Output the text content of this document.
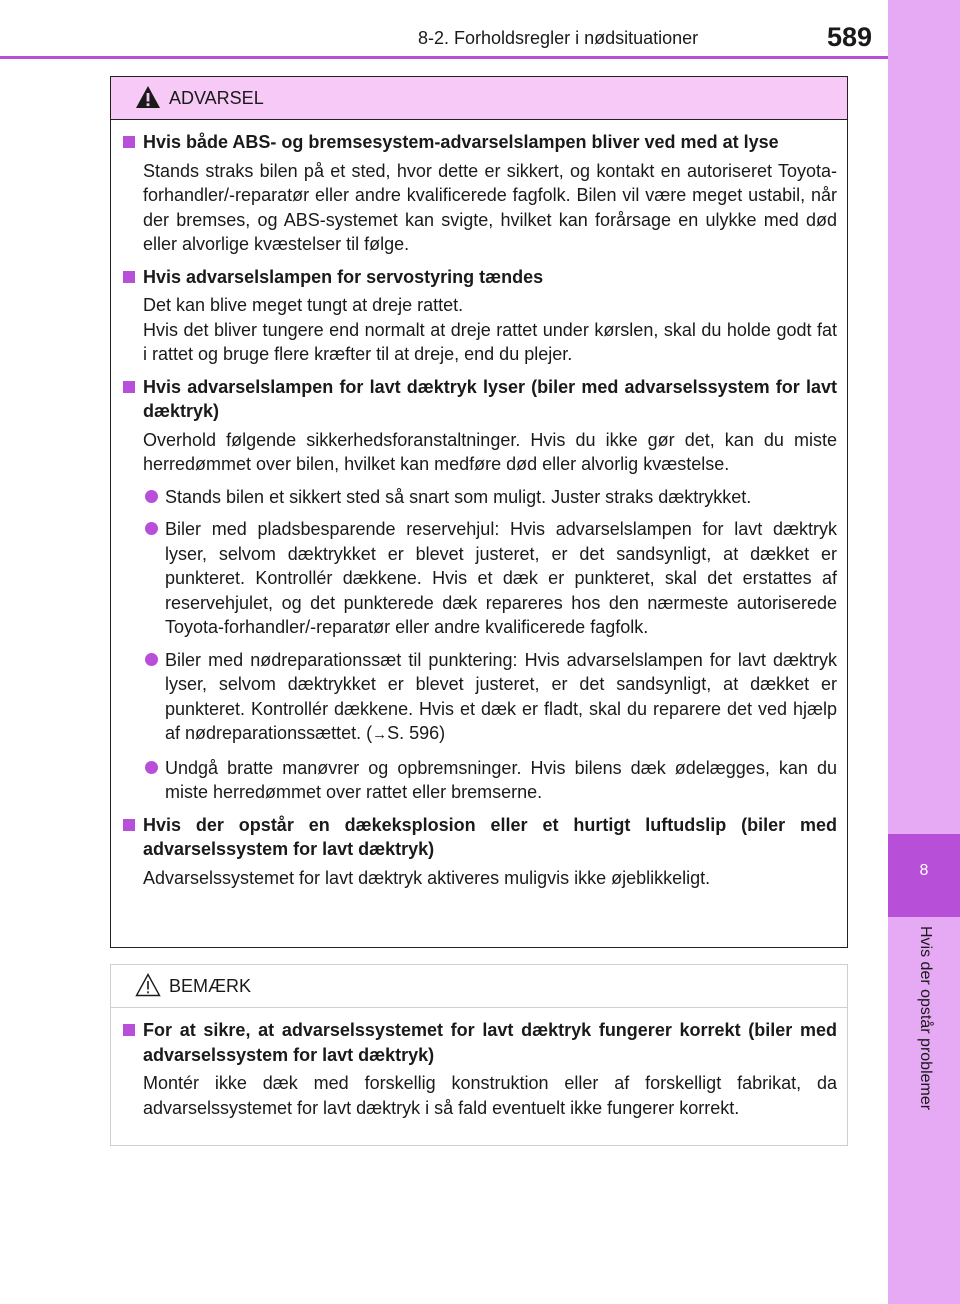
8-2. Forholdsregler i nødsituationer	589
8
Hvis der opstår problemer
ADVARSEL
Hvis både ABS- og bremsesystem-advarselslampen bliver ved med at lyse
Stands straks bilen på et sted, hvor dette er sikkert, og kontakt en autoriseret Toyota-forhandler/-reparatør eller andre kvalificerede fagfolk. Bilen vil være meget ustabil, når der bremses, og ABS-systemet kan svigte, hvilket kan forårsage en ulykke med død eller alvorlige kvæstelser til følge.
Hvis advarselslampen for servostyring tændes
Det kan blive meget tungt at dreje rattet.
Hvis det bliver tungere end normalt at dreje rattet under kørslen, skal du holde godt fat i rattet og bruge flere kræfter til at dreje, end du plejer.
Hvis advarselslampen for lavt dæktryk lyser (biler med advarselssystem for lavt dæktryk)
Overhold følgende sikkerhedsforanstaltninger. Hvis du ikke gør det, kan du miste herredømmet over bilen, hvilket kan medføre død eller alvorlig kvæstelse.
Stands bilen et sikkert sted så snart som muligt. Juster straks dæktrykket.
Biler med pladsbesparende reservehjul: Hvis advarselslampen for lavt dæktryk lyser, selvom dæktrykket er blevet justeret, er det sandsynligt, at dækket er punkteret. Kontrollér dækkene. Hvis et dæk er punkteret, skal det erstattes af reservehjulet, og det punkterede dæk repareres hos den nærmeste autoriserede Toyota-forhandler/-reparatør eller andre kvalificerede fagfolk.
Biler med nødreparationssæt til punktering: Hvis advarselslampen for lavt dæktryk lyser, selvom dæktrykket er blevet justeret, er det sandsynligt, at dækket er punkteret. Kontrollér dækkene. Hvis et dæk er fladt, skal du reparere det ved hjælp af nødreparationssættet. (→S. 596)
Undgå bratte manøvrer og opbremsninger. Hvis bilens dæk ødelægges, kan du miste herredømmet over rattet eller bremserne.
Hvis der opstår en dækeksplosion eller et hurtigt luftudslip (biler med advarselssystem for lavt dæktryk)
Advarselssystemet for lavt dæktryk aktiveres muligvis ikke øjeblikkeligt.
BEMÆRK
For at sikre, at advarselssystemet for lavt dæktryk fungerer korrekt (biler med advarselssystem for lavt dæktryk)
Montér ikke dæk med forskellig konstruktion eller af forskelligt fabrikat, da advarselssystemet for lavt dæktryk i så fald eventuelt ikke fungerer korrekt.
